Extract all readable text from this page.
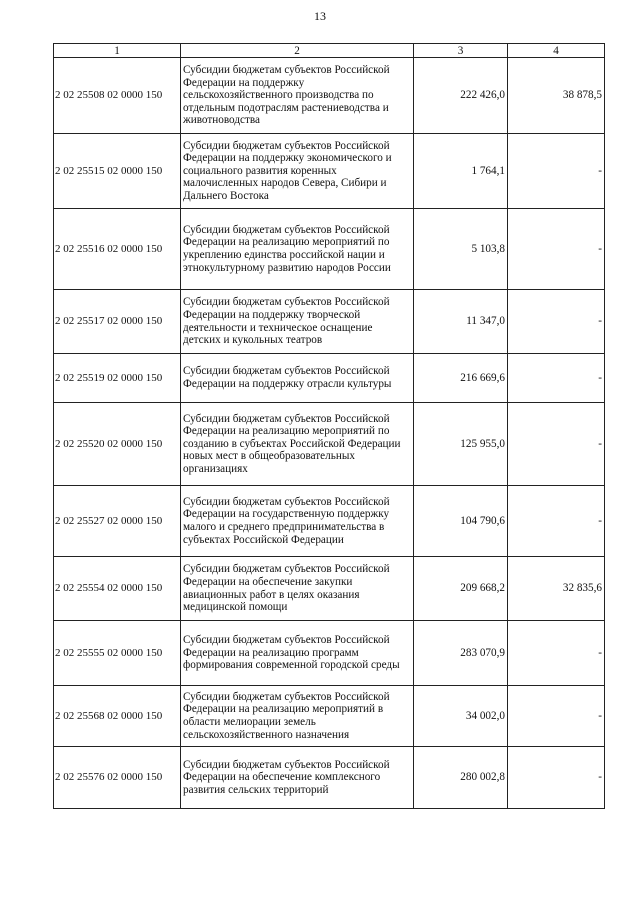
13
1	2	3	4
2 02 25508 02 0000 150	Субсидии бюджетам субъектов Российской
Федерации на поддержку
сельскохозяйственного производства по
отдельным подотраслям растениеводства и
животноводства	222 426,0	38 878,5
2 02 25515 02 0000 150	Субсидии бюджетам субъектов Российской
Федерации на поддержку экономического и
социального развития коренных
малочисленных народов Севера, Сибири и
Дальнего Востока	1 764,1	-
2 02 25516 02 0000 150	Субсидии бюджетам субъектов Российской
Федерации на реализацию мероприятий по
укреплению единства российской нации и
этнокультурному развитию народов России	5 103,8	-
2 02 25517 02 0000 150	Субсидии бюджетам субъектов Российской
Федерации на поддержку творческой
деятельности и техническое оснащение
детских и кукольных театров	11 347,0	-
2 02 25519 02 0000 150	Субсидии бюджетам субъектов Российской
Федерации на поддержку отрасли культуры	216 669,6	-
2 02 25520 02 0000 150	Субсидии бюджетам субъектов Российской
Федерации на реализацию мероприятий по
созданию в субъектах Российской Федерации
новых мест в общеобразовательных
организациях	125 955,0	-
2 02 25527 02 0000 150	Субсидии бюджетам субъектов Российской
Федерации на государственную поддержку
малого и среднего предпринимательства в
субъектах Российской Федерации	104 790,6	-
2 02 25554 02 0000 150	Субсидии бюджетам субъектов Российской
Федерации на обеспечение закупки
авиационных работ в целях оказания
медицинской помощи	209 668,2	32 835,6
2 02 25555 02 0000 150	Субсидии бюджетам субъектов Российской
Федерации на реализацию программ
формирования современной городской среды	283 070,9	-
2 02 25568 02 0000 150	Субсидии бюджетам субъектов Российской
Федерации на реализацию мероприятий в
области мелиорации земель
сельскохозяйственного назначения	34 002,0	-
2 02 25576 02 0000 150	Субсидии бюджетам субъектов Российской
Федерации на обеспечение комплексного
развития сельских территорий	280 002,8	-
